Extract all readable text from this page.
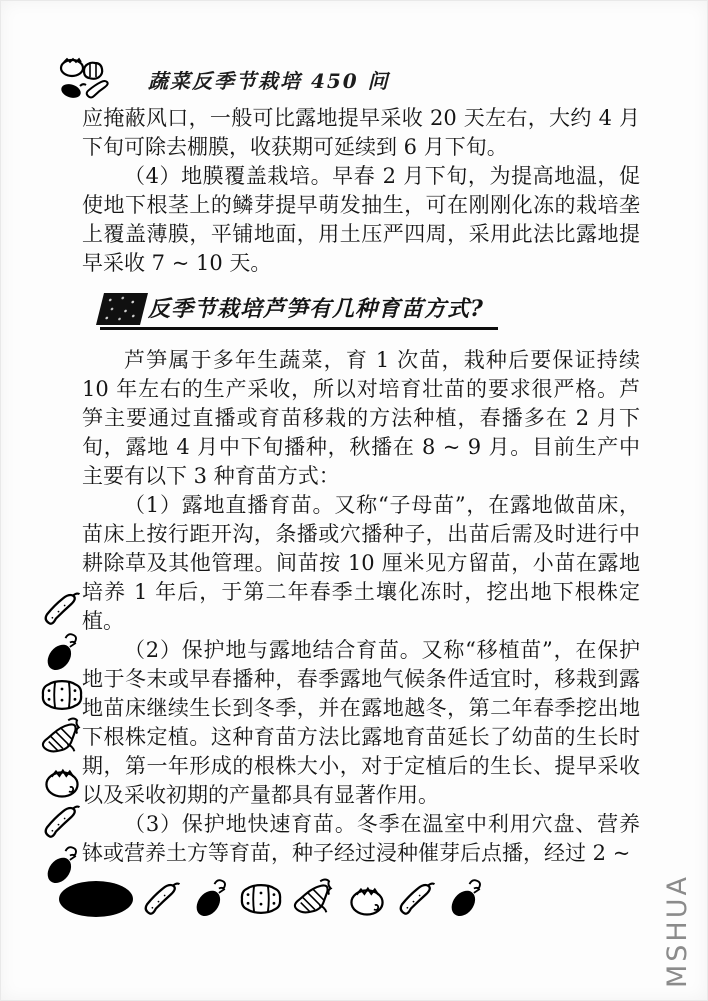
蔬菜反季节栽培 450 问

应掩蔽风口，一般可比露地提早采收 20 天左右，大约 4 月下旬可除去棚膜，收获期可延续到 6 月下旬。

（4）地膜覆盖栽培。早春 2 月下旬，为提高地温，促使地下根茎上的鳞芽提早萌发抽生，可在刚刚化冻的栽培垄上覆盖薄膜，平铺地面，用土压严四周，采用此法比露地提早采收 7 ~ 10 天。

反季节栽培芦笋有几种育苗方式?

芦笋属于多年生蔬菜，育 1 次苗，栽种后要保证持续 10 年左右的生产采收，所以对培育壮苗的要求很严格。芦笋主要通过直播或育苗移栽的方法种植，春播多在 2 月下旬，露地 4 月中下旬播种，秋播在 8 ~ 9 月。目前生产中主要有以下 3 种育苗方式：

（1）露地直播育苗。又称“子母苗”，在露地做苗床，苗床上按行距开沟，条播或穴播种子，出苗后需及时进行中耕除草及其他管理。间苗按 10 厘米见方留苗，小苗在露地培养 1 年后，于第二年春季土壤化冻时，挖出地下根株定植。

（2）保护地与露地结合育苗。又称“移植苗”，在保护地于冬末或早春播种，春季露地气候条件适宜时，移栽到露地苗床继续生长到冬季，并在露地越冬，第二年春季挖出地下根株定植。这种育苗方法比露地育苗延长了幼苗的生长时期，第一年形成的根株大小，对于定植后的生长、提早采收以及采收初期的产量都具有显著作用。

（3）保护地快速育苗。冬季在温室中利用穴盘、营养钵或营养土方等育苗，种子经过浸种催芽后点播，经过 2 ~

MSHUA
